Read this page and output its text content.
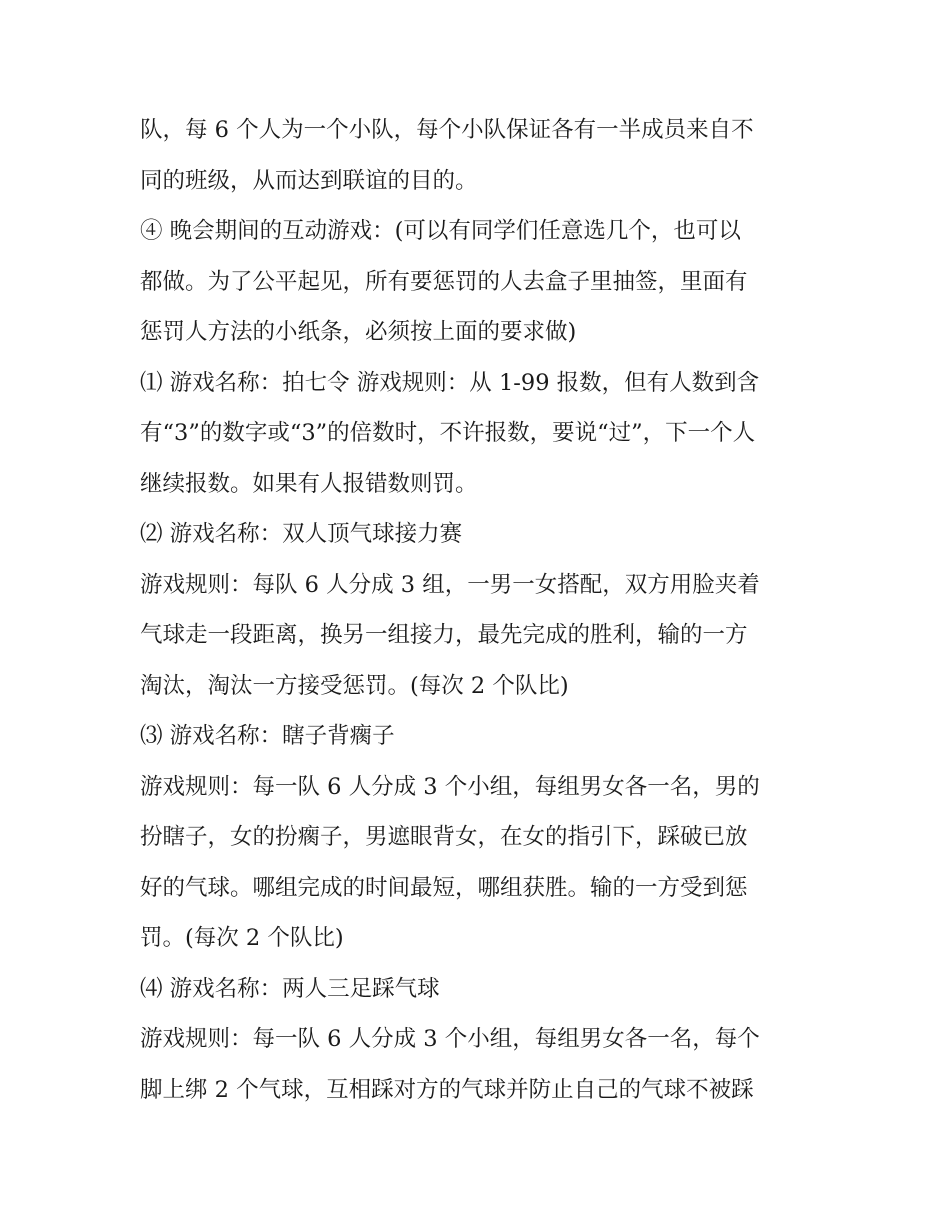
队，每 6 个人为一个小队，每个小队保证各有一半成员来自不
同的班级，从而达到联谊的目的。
④ 晚会期间的互动游戏：(可以有同学们任意选几个，也可以
都做。为了公平起见，所有要惩罚的人去盒子里抽签，里面有
惩罚人方法的小纸条，必须按上面的要求做)
⑴ 游戏名称：拍七令 游戏规则：从 1-99 报数，但有人数到含
有“3”的数字或“3”的倍数时，不许报数，要说“过”，下一个人
继续报数。如果有人报错数则罚。
⑵ 游戏名称：双人顶气球接力赛
游戏规则：每队 6 人分成 3 组，一男一女搭配，双方用脸夹着
气球走一段距离，换另一组接力，最先完成的胜利，输的一方
淘汰，淘汰一方接受惩罚。(每次 2 个队比)
⑶ 游戏名称：瞎子背瘸子
游戏规则：每一队 6 人分成 3 个小组，每组男女各一名，男的
扮瞎子，女的扮瘸子，男遮眼背女，在女的指引下，踩破已放
好的气球。哪组完成的时间最短，哪组获胜。输的一方受到惩
罚。(每次 2 个队比)
⑷ 游戏名称：两人三足踩气球
游戏规则：每一队 6 人分成 3 个小组，每组男女各一名，每个
脚上绑 2 个气球，互相踩对方的气球并防止自己的气球不被踩
